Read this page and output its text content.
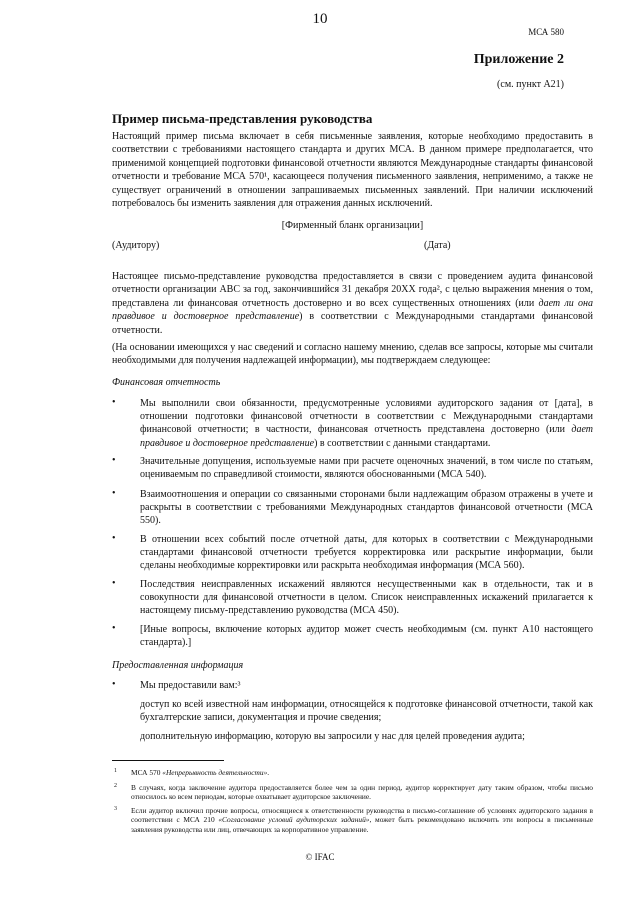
10
МСА 580
Приложение 2
(см. пункт A21)
Пример письма-представления руководства
Настоящий пример письма включает в себя письменные заявления, которые необходимо предоставить в соответствии с требованиями настоящего стандарта и других МСА. В данном примере предполагается, что применимой концепцией подготовки финансовой отчетности являются Международные стандарты финансовой отчетности и требование МСА 570¹, касающееся получения письменного заявления, неприменимо, а также не существует ограничений в отношении запрашиваемых письменных заявлений. При наличии исключений потребовалось бы изменить заявления для отражения данных исключений.
[Фирменный бланк организации]
(Аудитору)	(Дата)
Настоящее письмо-представление руководства предоставляется в связи с проведением аудита финансовой отчетности организации ABC за год, закончившийся 31 декабря 20XX года², с целью выражения мнения о том, представлена ли финансовая отчетность достоверно и во всех существенных отношениях (или дает ли она правдивое и достоверное представление) в соответствии с Международными стандартами финансовой отчетности.
(На основании имеющихся у нас сведений и согласно нашему мнению, сделав все запросы, которые мы считали необходимыми для получения надлежащей информации), мы подтверждаем следующее:
Финансовая отчетность
• Мы выполнили свои обязанности, предусмотренные условиями аудиторского задания от [дата], в отношении подготовки финансовой отчетности в соответствии с Международными стандартами финансовой отчетности; в частности, финансовая отчетность представлена достоверно (или дает правдивое и достоверное представление) в соответствии с данными стандартами.
• Значительные допущения, используемые нами при расчете оценочных значений, в том числе по статьям, оцениваемым по справедливой стоимости, являются обоснованными (МСА 540).
• Взаимоотношения и операции со связанными сторонами были надлежащим образом отражены в учете и раскрыты в соответствии с требованиями Международных стандартов финансовой отчетности (МСА 550).
• В отношении всех событий после отчетной даты, для которых в соответствии с Международными стандартами финансовой отчетности требуется корректировка или раскрытие информации, были сделаны необходимые корректировки или раскрыта необходимая информация (МСА 560).
• Последствия неисправленных искажений являются несущественными как в отдельности, так и в совокупности для финансовой отчетности в целом. Список неисправленных искажений прилагается к настоящему письму-представлению руководства (МСА 450).
• [Иные вопросы, включение которых аудитор может счесть необходимым (см. пункт A10 настоящего стандарта).]
Предоставленная информация
• Мы предоставили вам:³
доступ ко всей известной нам информации, относящейся к подготовке финансовой отчетности, такой как бухгалтерские записи, документация и прочие сведения;
дополнительную информацию, которую вы запросили у нас для целей проведения аудита;
1 МСА 570 «Непрерывность деятельности».
2 В случаях, когда заключение аудитора предоставляется более чем за один период, аудитор корректирует дату таким образом, чтобы письмо относилось ко всем периодам, которые охватывает аудиторское заключение.
3 Если аудитор включил прочие вопросы, относящиеся к ответственности руководства в письмо-соглашение об условиях аудиторского задания в соответствии с МСА 210 «Согласование условий аудиторских заданий», может быть рекомендовано включить эти вопросы в письменные заявления руководства или лиц, отвечающих за корпоративное управление.
© IFAC
